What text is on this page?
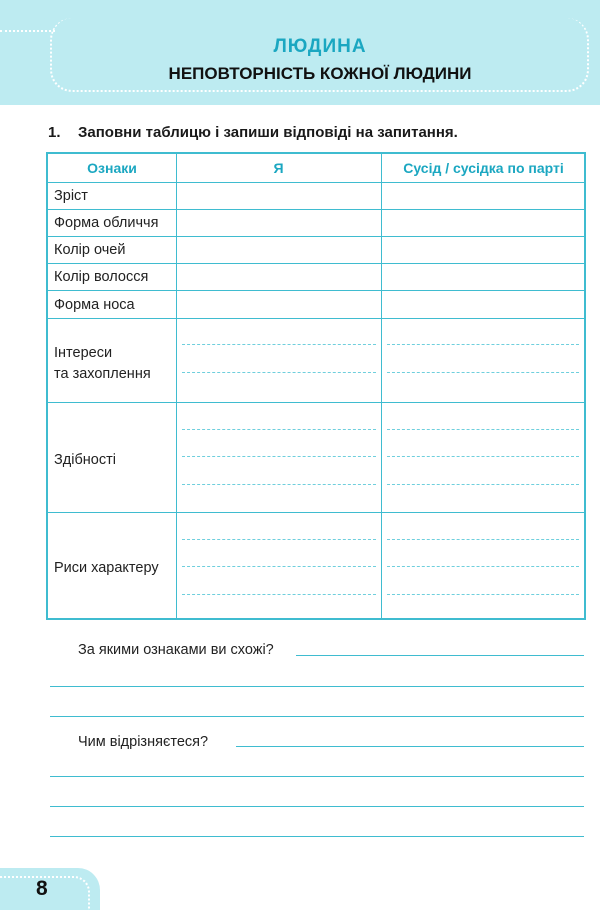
ЛЮДИНА
НЕПОВТОРНІСТЬ КОЖНОЇ ЛЮДИНИ
1. Заповни таблицю і запиши відповіді на запитання.
Ознаки	Я	Сусід / сусідка по парті
Зріст
Форма обличчя
Колір очей
Колір волосся
Форма носа
Інтереси
та захоплення
Здібності
Риси характеру
За якими ознаками ви схожі?
Чим відрізняєтеся?
8
